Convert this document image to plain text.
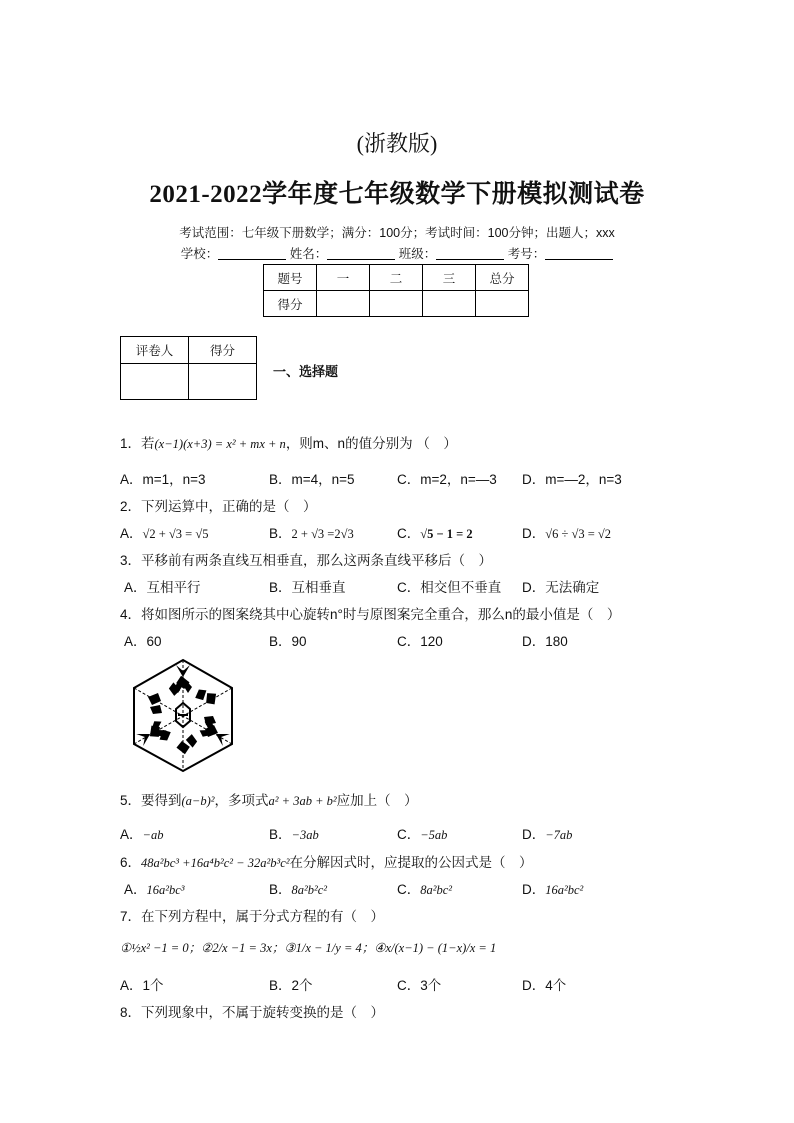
(浙教版)
2021-2022学年度七年级数学下册模拟测试卷
考试范围：七年级下册数学；满分：100分；考试时间：100分钟；出题人；xxx
学校：	姓名：	班级：	考号：
题号	一	二	三	总分
得分				
评卷人	得分

一、选择题
1．若(x−1)(x+3) = x² + mx + n，则m、n的值分别为 （　）
A．m=1，n=3	B．m=4，n=5	C．m=2，n=—3 D．m=—2，n=3
2．下列运算中，正确的是（　）
A．√2 + √3 = √5	B．2 + √3 =2√3	C．√5 − 1 = 2	D．√6 ÷ √3 = √2
3．平移前有两条直线互相垂直，那么这两条直线平移后（　）
A．互相平行	B．互相垂直	C．相交但不垂直 D．无法确定
4．将如图所示的图案绕其中心旋转n°时与原图案完全重合，那么n的最小值是（　）
A．60	B．90	C．120	D．180
5．要得到(a−b)²，多项式a² + 3ab + b²应加上（　）
A．−ab	B．−3ab	C．−5ab	D．−7ab
6．48a²bc³ +16a⁴b²c² − 32a²b³c²在分解因式时，应提取的公因式是（　）
A．16a²bc³	B．8a²b²c²	C．8a²bc²	D．16a²bc²
7．在下列方程中，属于分式方程的有（　）
①½x² −1 = 0；②2/x −1 = 3x；③1/x − 1/y = 4；④x/(x−1) − (1−x)/x = 1
A．1个	B．2个	C．3个	D．4个
8．下列现象中，不属于旋转变换的是（　）
